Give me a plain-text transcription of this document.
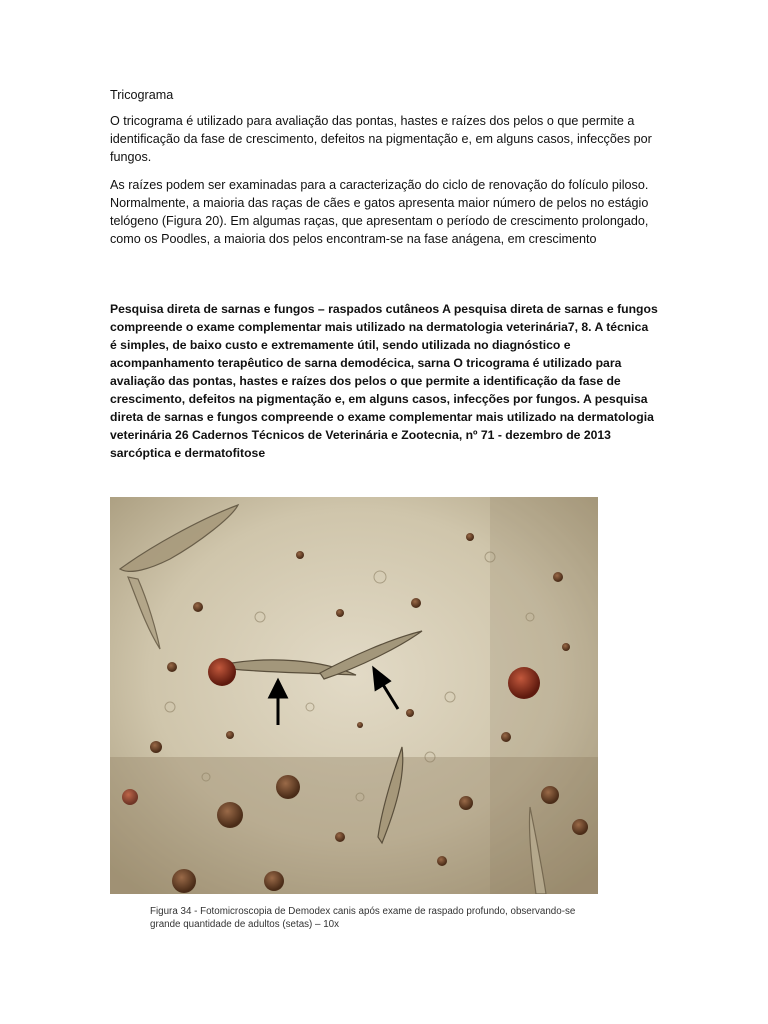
Tricograma
O tricograma é utilizado para avaliação das pontas, hastes e raízes dos pelos o que permite a identificação da fase de crescimento, defeitos na pigmentação e, em alguns casos, infecções por fungos.
As raízes podem ser examinadas para a caracterização do ciclo de renovação do folículo piloso. Normalmente, a maioria das raças de cães e gatos apresenta maior número de pelos no estágio telógeno (Figura 20). Em algumas raças, que apresentam o período de crescimento prolongado, como os Poodles, a maioria dos pelos encontram-se na fase anágena, em crescimento
Pesquisa direta de sarnas e fungos – raspados cutâneos A pesquisa direta de sarnas e fungos compreende o exame complementar mais utilizado na dermatologia veterinária7, 8. A técnica é simples, de baixo custo e extremamente útil, sendo utilizada no diagnóstico e acompanhamento terapêutico de sarna demodécica, sarna O tricograma é utilizado para avaliação das pontas, hastes e raízes dos pelos o que permite a identificação da fase de crescimento, defeitos na pigmentação e, em alguns casos, infecções por fungos. A pesquisa direta de sarnas e fungos compreende o exame complementar mais utilizado na dermatologia veterinária 26 Cadernos Técnicos de Veterinária e Zootecnia, nº 71 - dezembro de 2013 sarcóptica e dermatofitose
Figura 34 - Fotomicroscopia de Demodex canis após exame de raspado profundo, observando-se grande quantidade de adultos (setas) – 10x
